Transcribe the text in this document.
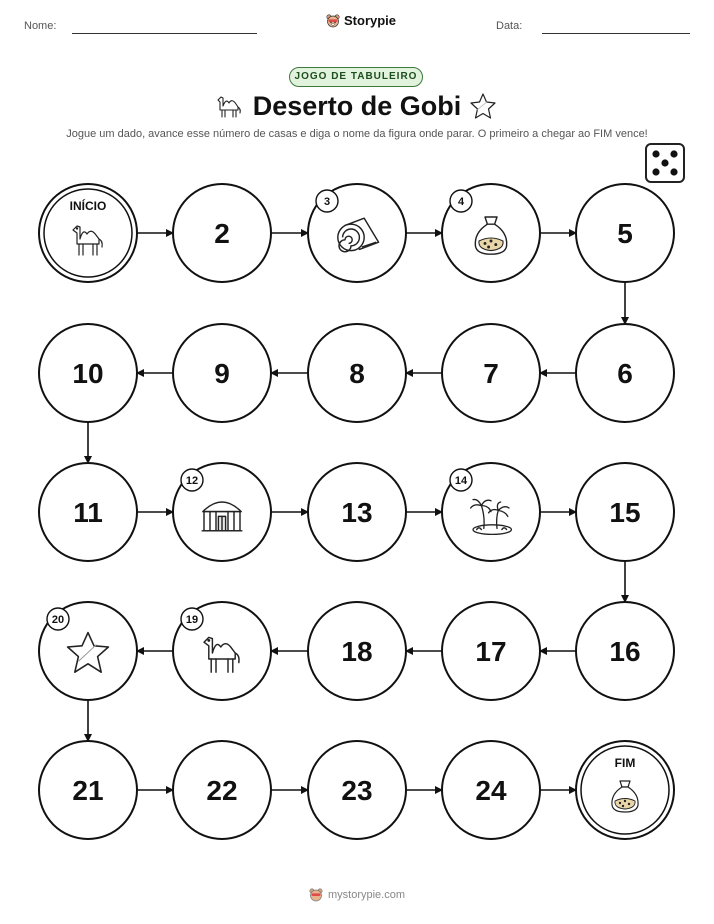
Nome:	Storypie	Data:
JOGO DE TABULEIRO
Deserto de Gobi
Jogue um dado, avance esse número de casas e diga o nome da figura onde parar. O primeiro a chegar ao FIM vence!
INÍCIO
2
3	4
5
6
7
8
9
10
11
12
13
14
15
16
17
18
19
20
21	22	23	24
FIM
mystorypie.com
